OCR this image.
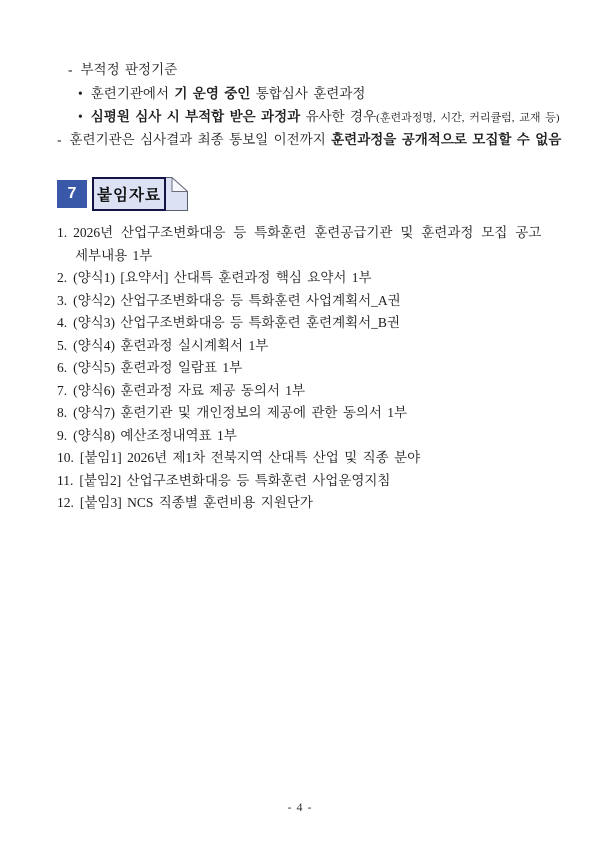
- 부적정 판정기준
• 훈련기관에서 기 운영 중인 통합심사 훈련과정
• 심평원 심사 시 부적합 받은 과정과 유사한 경우(훈련과정명, 시간, 커리큘럼, 교재 등)
- 훈련기관은 심사결과 최종 통보일 이전까지 훈련과정을 공개적으로 모집할 수 없음
7 붙임자료
1. 2026년 산업구조변화대응 등 특화훈련 훈련공급기관 및 훈련과정 모집 공고
세부내용 1부
2. (양식1) [요약서] 산대특 훈련과정 핵심 요약서 1부
3. (양식2) 산업구조변화대응 등 특화훈련 사업계획서_A권
4. (양식3) 산업구조변화대응 등 특화훈련 훈련계획서_B권
5. (양식4) 훈련과정 실시계획서 1부
6. (양식5) 훈련과정 일람표 1부
7. (양식6) 훈련과정 자료 제공 동의서 1부
8. (양식7) 훈련기관 및 개인정보의 제공에 관한 동의서 1부
9. (양식8) 예산조정내역표 1부
10. [붙임1] 2026년 제1차 전북지역 산대특 산업 및 직종 분야
11. [붙임2] 산업구조변화대응 등 특화훈련 사업운영지침
12. [붙임3] NCS 직종별 훈련비용 지원단가
- 4 -
